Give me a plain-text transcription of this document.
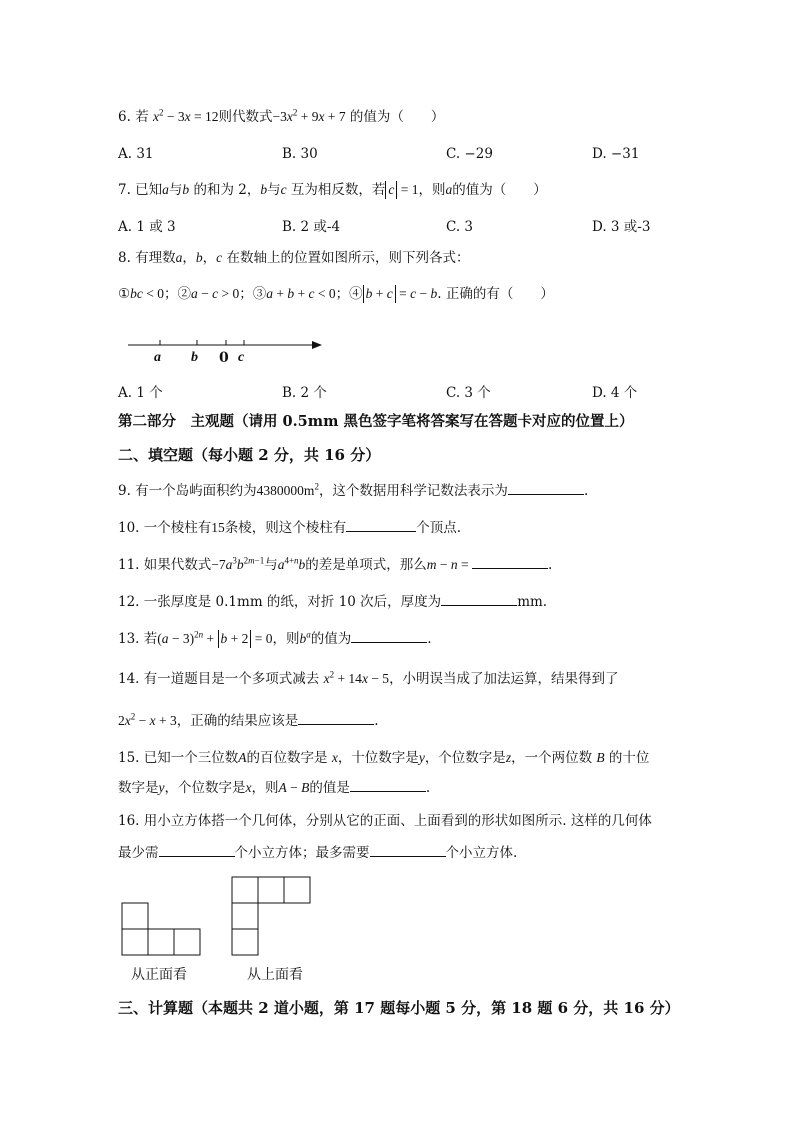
6. 若 $x^2 - 3x = 12$则代数式$-3x^2 + 9x + 7$ 的值为（　　）
A. 31	B. 30	C. −29	D. −31
7. 已知a与b 的和为 2，b与c 互为相反数，若 c = 1，则a的值为（　　）
A. 1 或 3	B. 2 或-4	C. 3	D. 3 或-3
8. 有理数a，b，c 在数轴上的位置如图所示，则下列各式：
①bc < 0；②a − c > 0；③a + b + c < 0；④ b + c = c − b. 正确的有（　　）
a b 0 c
A. 1 个	B. 2 个	C. 3 个	D. 4 个
第二部分　主观题（请用 0.5mm 黑色签字笔将答案写在答题卡对应的位置上）
二、填空题（每小题 2 分，共 16 分）
9. 有一个岛屿面积约为$4380000m^2$，这个数据用科学记数法表示为	.
10. 一个棱柱有15条棱，则这个棱柱有	个顶点.
11. 如果代数式$-7a^3b^{2m-1}$与$a^{4+n}b$的差是单项式，那么m − n =	.
12. 一张厚度是 0.1mm 的纸，对折 10 次后，厚度为	mm.
13. 若$(a - 3)^{2n} + b + 2 = 0$，则$b^a$的值为	.
14. 有一道题目是一个多项式减去 $x^2 + 14x - 5$，小明误当成了加法运算，结果得到了
$2x^2 - x + 3$，正确的结果应该是	.
15. 已知一个三位数A的百位数字是 x，十位数字是y，个位数字是z，一个两位数 B 的十位
数字是y，个位数字是x，则A − B的值是	.
16. 用小立方体搭一个几何体，分别从它的正面、上面看到的形状如图所示. 这样的几何体
最少需	个小立方体；最多需要	个小立方体.
从正面看	从上面看
三、计算题（本题共 2 道小题，第 17 题每小题 5 分，第 18 题 6 分，共 16 分）
